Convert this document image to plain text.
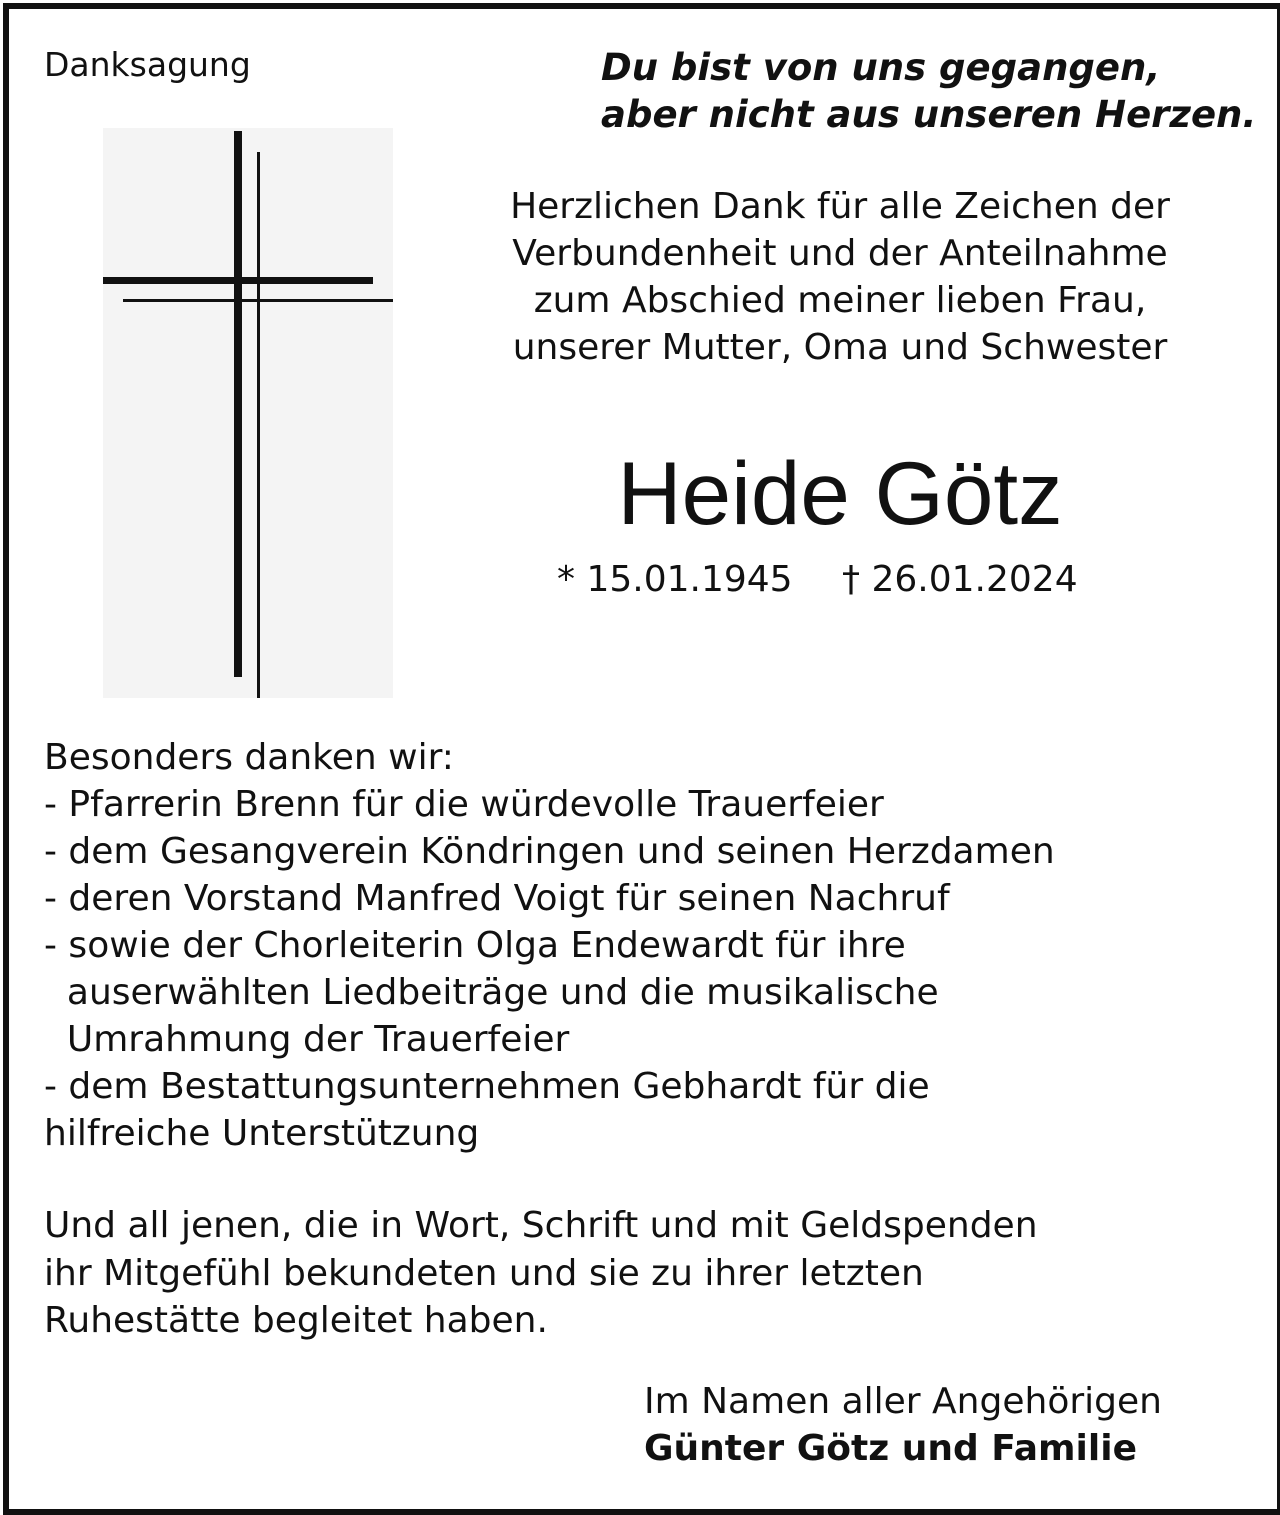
Danksagung	Du bist von uns gegangen,
aber nicht aus unseren Herzen.
Herzlichen Dank für alle Zeichen der
Verbundenheit und der Anteilnahme
zum Abschied meiner lieben Frau,
unserer Mutter, Oma und Schwester
Heide Götz
* 15.01.1945 † 26.01.2024
Besonders danken wir:
- Pfarrerin Brenn für die würdevolle Trauerfeier
- dem Gesangverein Köndringen und seinen Herzdamen
- deren Vorstand Manfred Voigt für seinen Nachruf
- sowie der Chorleiterin Olga Endewardt für ihre
auserwählten Liedbeiträge und die musikalische
Umrahmung der Trauerfeier
- dem Bestattungsunternehmen Gebhardt für die
hilfreiche Unterstützung
Und all jenen, die in Wort, Schrift und mit Geldspenden
ihr Mitgefühl bekundeten und sie zu ihrer letzten
Ruhestätte begleitet haben.
Im Namen aller Angehörigen
Günter Götz und Familie
